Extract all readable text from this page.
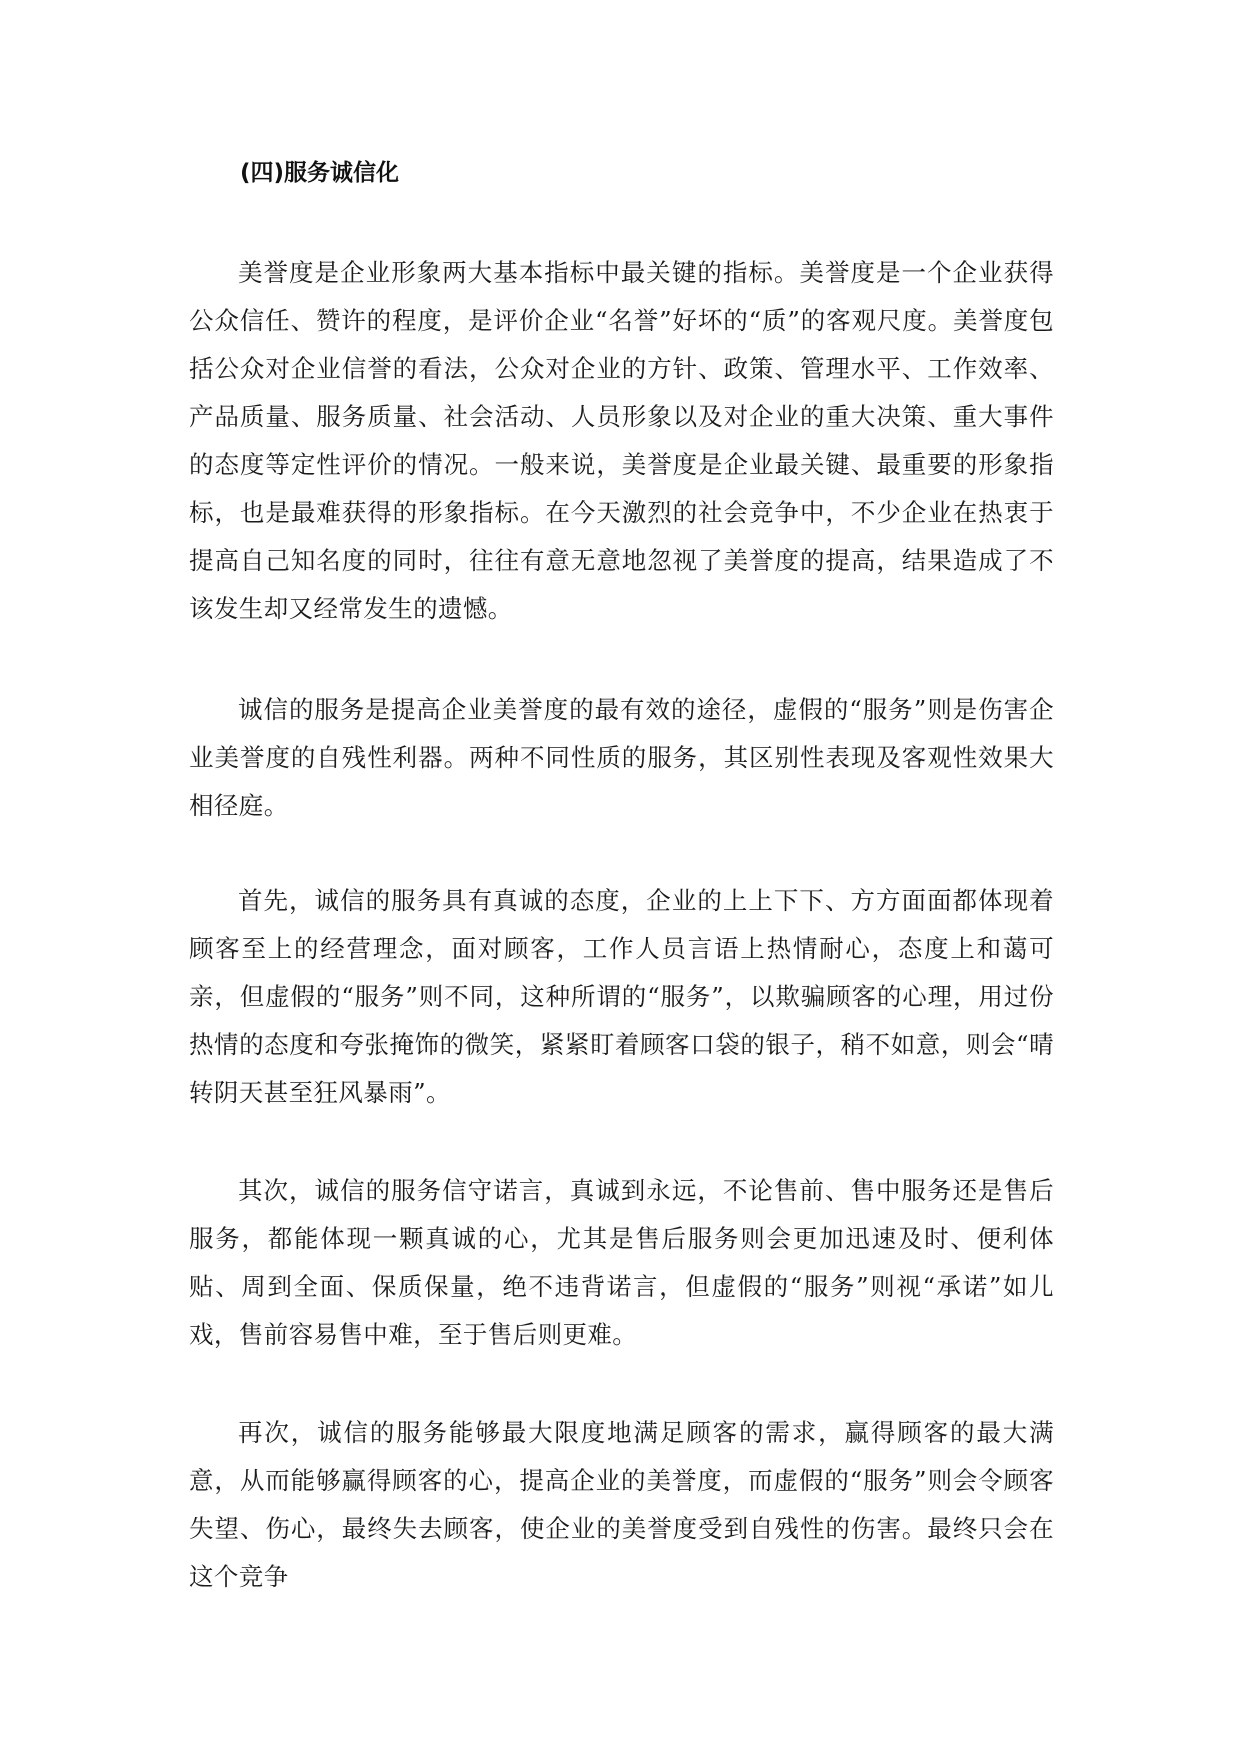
(四)服务诚信化

美誉度是企业形象两大基本指标中最关键的指标。美誉度是一个企业获得公众信任、赞许的程度，是评价企业“名誉”好坏的“质”的客观尺度。美誉度包括公众对企业信誉的看法，公众对企业的方针、政策、管理水平、工作效率、产品质量、服务质量、社会活动、人员形象以及对企业的重大决策、重大事件的态度等定性评价的情况。一般来说，美誉度是企业最关键、最重要的形象指标，也是最难获得的形象指标。在今天激烈的社会竞争中，不少企业在热衷于提高自己知名度的同时，往往有意无意地忽视了美誉度的提高，结果造成了不该发生却又经常发生的遗憾。

诚信的服务是提高企业美誉度的最有效的途径，虚假的“服务”则是伤害企业美誉度的自残性利器。两种不同性质的服务，其区别性表现及客观性效果大相径庭。

首先，诚信的服务具有真诚的态度，企业的上上下下、方方面面都体现着顾客至上的经营理念，面对顾客，工作人员言语上热情耐心，态度上和蔼可亲，但虚假的“服务”则不同，这种所谓的“服务”，以欺骗顾客的心理，用过份热情的态度和夸张掩饰的微笑，紧紧盯着顾客口袋的银子，稍不如意，则会“晴转阴天甚至狂风暴雨”。

其次，诚信的服务信守诺言，真诚到永远，不论售前、售中服务还是售后服务，都能体现一颗真诚的心，尤其是售后服务则会更加迅速及时、便利体贴、周到全面、保质保量，绝不违背诺言，但虚假的“服务”则视“承诺”如儿戏，售前容易售中难，至于售后则更难。

再次，诚信的服务能够最大限度地满足顾客的需求，赢得顾客的最大满意，从而能够赢得顾客的心，提高企业的美誉度，而虚假的“服务”则会令顾客失望、伤心，最终失去顾客，使企业的美誉度受到自残性的伤害。最终只会在这个竞争
